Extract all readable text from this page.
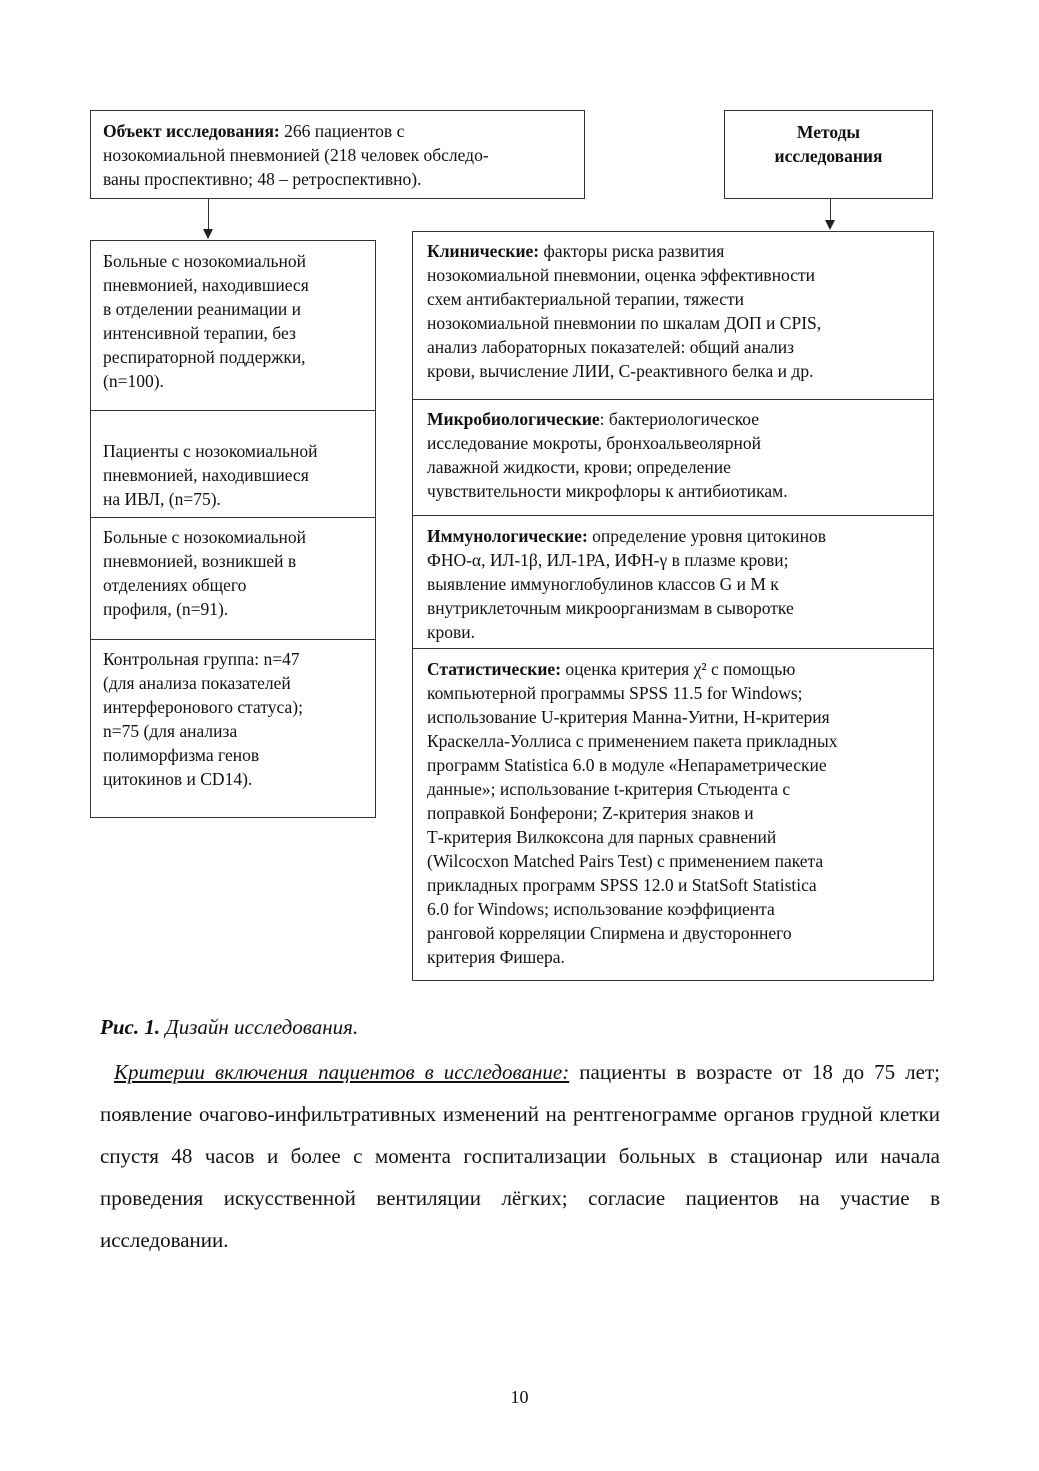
Объект исследования: 266 пациентов с
нозокомиальной пневмонией (218 человек обследо-
ваны проспективно; 48 – ретроспективно).
Методы
исследования
Больные с нозокомиальной
пневмонией, находившиеся
в отделении реанимации и
интенсивной терапии, без
респираторной поддержки,
(n=100).
Пациенты с нозокомиальной
пневмонией, находившиеся
на ИВЛ, (n=75).
Больные с нозокомиальной
пневмонией, возникшей в
отделениях общего
профиля, (n=91).
Контрольная группа: n=47
(для анализа показателей
интерферонового статуса);
n=75 (для анализа
полиморфизма генов
цитокинов и CD14).
Клинические: факторы риска развития
нозокомиальной пневмонии, оценка эффективности
схем антибактериальной терапии, тяжести
нозокомиальной пневмонии по шкалам ДОП и CPIS,
анализ лабораторных показателей: общий анализ
крови, вычисление ЛИИ, С-реактивного белка и др.
Микробиологические: бактериологическое
исследование мокроты, бронхоальвеолярной
лаважной жидкости, крови; определение
чувствительности микрофлоры к антибиотикам.
Иммунологические: определение уровня цитокинов
ФНО-α, ИЛ-1β, ИЛ-1РА, ИФН-γ в плазме крови;
выявление иммуноглобулинов классов G и M к
внутриклеточным микроорганизмам в сыворотке
крови.
Статистические: оценка критерия χ² с помощью
компьютерной программы SPSS 11.5 for Windows;
использование U-критерия Манна-Уитни, Н-критерия
Краскелла-Уоллиса с применением пакета прикладных
программ Statistica 6.0 в модуле «Непараметрические
данные»; использование t-критерия Стьюдента с
поправкой Бонферони; Z-критерия знаков и
Т-критерия Вилкоксона для парных сравнений
(Wilcocxon Matched Pairs Test) с применением пакета
прикладных программ SPSS 12.0 и StatSoft Statistica
6.0 for Windows; использование коэффициента
ранговой корреляции Спирмена и двустороннего
критерия Фишера.
Рис. 1. Дизайн исследования.
Критерии включения пациентов в исследование: пациенты в возрасте от 18 до 75 лет; появление очагово-инфильтративных изменений на рентгенограмме органов грудной клетки спустя 48 часов и более с момента госпитализации больных в стационар или начала проведения искусственной вентиляции лёгких; согласие пациентов на участие в исследовании.
10
